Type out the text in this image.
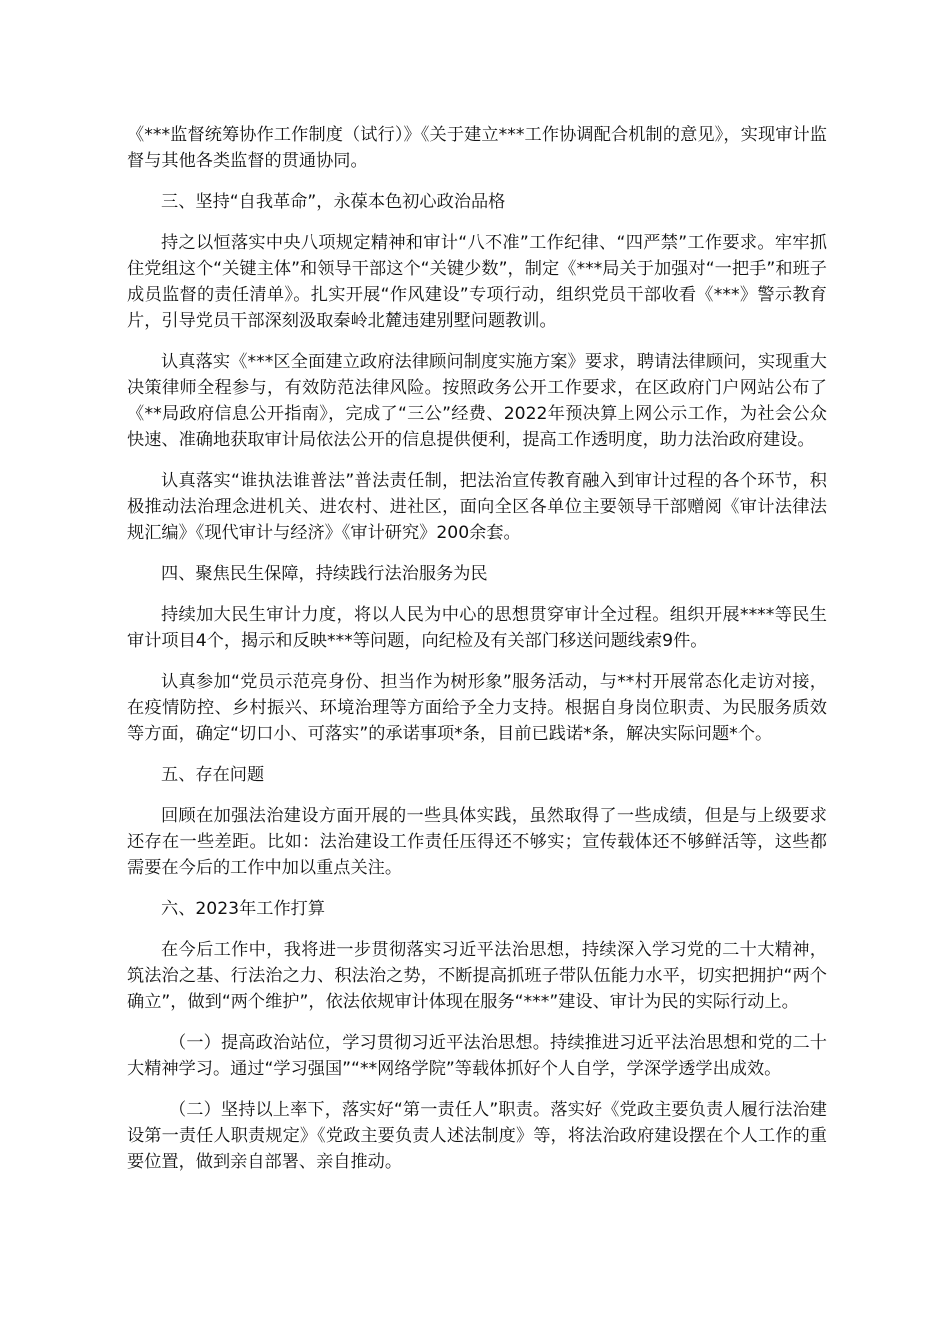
《***监督统筹协作工作制度（试行）》《关于建立***工作协调配合机制的意见》，实现审计监督与其他各类监督的贯通协同。

三、坚持“自我革命”，永葆本色初心政治品格

持之以恒落实中央八项规定精神和审计“八不准”工作纪律、“四严禁”工作要求。牢牢抓住党组这个“关键主体”和领导干部这个“关键少数”，制定《***局关于加强对“一把手”和班子成员监督的责任清单》。扎实开展“作风建设”专项行动，组织党员干部收看《***》警示教育片，引导党员干部深刻汲取秦岭北麓违建别墅问题教训。

认真落实《***区全面建立政府法律顾问制度实施方案》要求，聘请法律顾问，实现重大决策律师全程参与，有效防范法律风险。按照政务公开工作要求，在区政府门户网站公布了《**局政府信息公开指南》，完成了“三公”经费、2022年预决算上网公示工作，为社会公众快速、准确地获取审计局依法公开的信息提供便利，提高工作透明度，助力法治政府建设。

认真落实“谁执法谁普法”普法责任制，把法治宣传教育融入到审计过程的各个环节，积极推动法治理念进机关、进农村、进社区，面向全区各单位主要领导干部赠阅《审计法律法规汇编》《现代审计与经济》《审计研究》200余套。

四、聚焦民生保障，持续践行法治服务为民

持续加大民生审计力度，将以人民为中心的思想贯穿审计全过程。组织开展****等民生审计项目4个，揭示和反映***等问题，向纪检及有关部门移送问题线索9件。

认真参加“党员示范亮身份、担当作为树形象”服务活动，与**村开展常态化走访对接，在疫情防控、乡村振兴、环境治理等方面给予全力支持。根据自身岗位职责、为民服务质效等方面，确定“切口小、可落实”的承诺事项*条，目前已践诺*条，解决实际问题*个。

五、存在问题

回顾在加强法治建设方面开展的一些具体实践，虽然取得了一些成绩，但是与上级要求还存在一些差距。比如：法治建设工作责任压得还不够实；宣传载体还不够鲜活等，这些都需要在今后的工作中加以重点关注。

六、2023年工作打算

在今后工作中，我将进一步贯彻落实习近平法治思想，持续深入学习党的二十大精神，筑法治之基、行法治之力、积法治之势，不断提高抓班子带队伍能力水平，切实把拥护“两个确立”，做到“两个维护”，依法依规审计体现在服务“***”建设、审计为民的实际行动上。

（一）提高政治站位，学习贯彻习近平法治思想。持续推进习近平法治思想和党的二十大精神学习。通过“学习强国”“**网络学院”等载体抓好个人自学，学深学透学出成效。

（二）坚持以上率下，落实好“第一责任人”职责。落实好《党政主要负责人履行法治建设第一责任人职责规定》《党政主要负责人述法制度》等，将法治政府建设摆在个人工作的重要位置，做到亲自部署、亲自推动。
